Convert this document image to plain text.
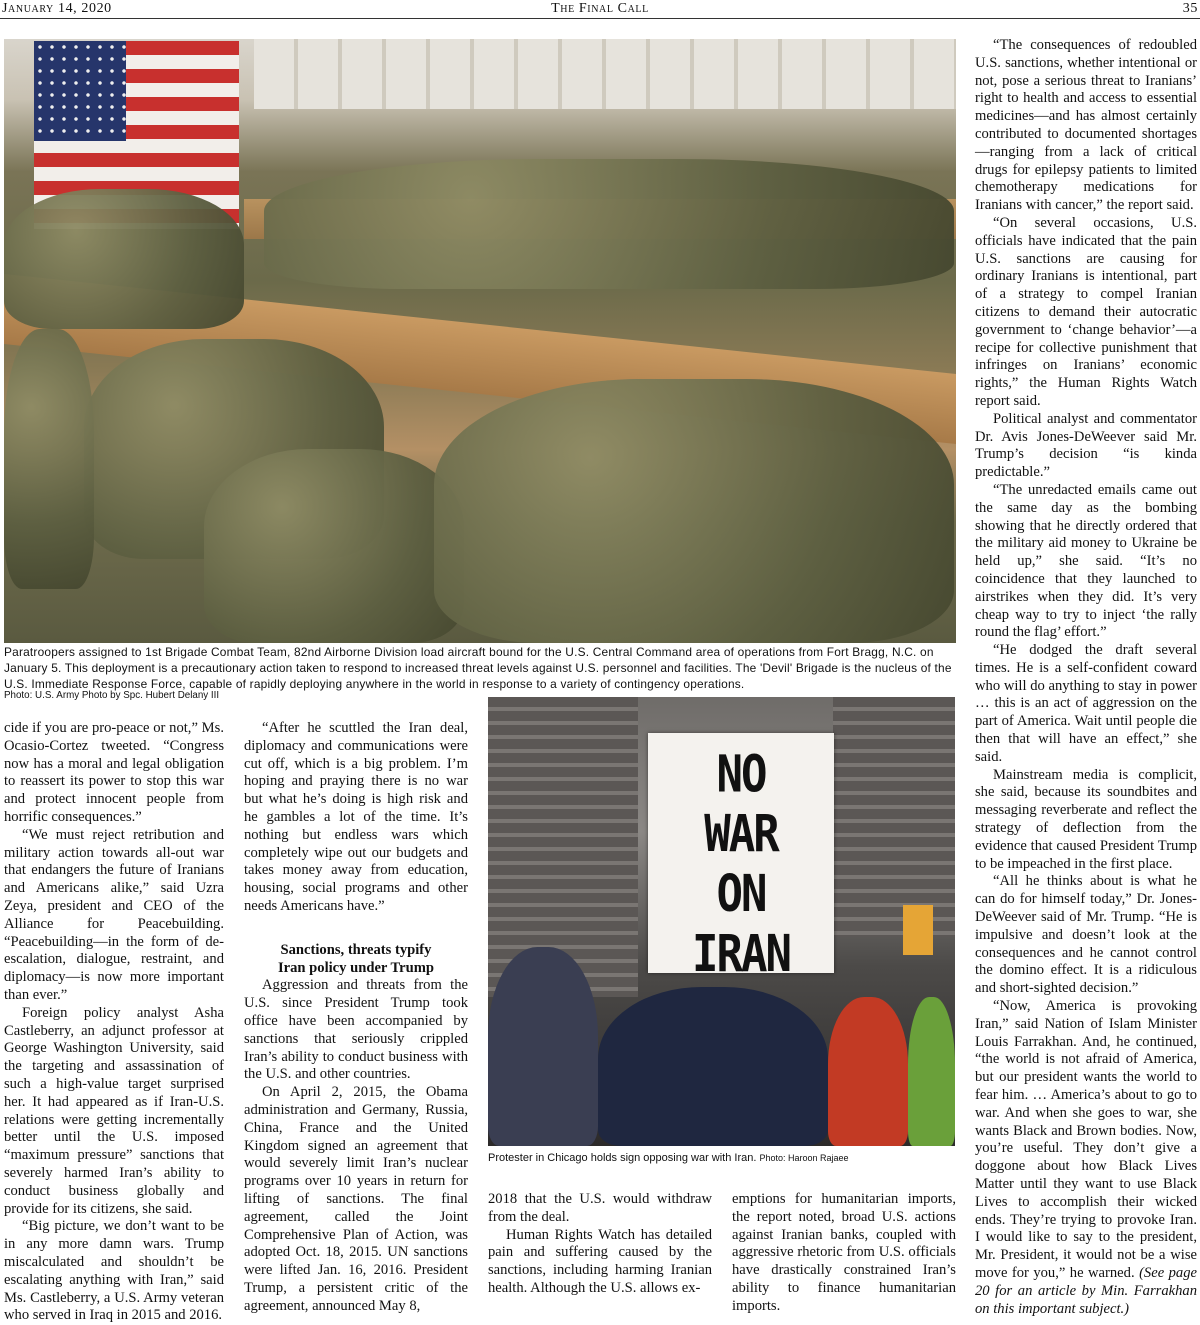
January 14, 2020	The Final Call	35
Paratroopers assigned to 1st Brigade Combat Team, 82nd Airborne Division load aircraft bound for the U.S. Central Command area of operations from Fort Bragg, N.C. on January 5. This deployment is a precautionary action taken to respond to increased threat levels against U.S. personnel and facilities. The 'Devil' Brigade is the nucleus of the U.S. Immediate Response Force, capable of rapidly deploying anywhere in the world in response to a variety of contingency operations.
Photo: U.S. Army Photo by Spc. Hubert Delany III
NO
WAR
ON
IRAN
Protester in Chicago holds sign opposing war with Iran. Photo: Haroon Rajaee

cide if you are pro-peace or not,” Ms. Ocasio-Cortez tweeted. “Congress now has a moral and legal obligation to reassert its power to stop this war and protect innocent people from horrific consequences.”

“We must reject retribution and military action towards all-out war that endangers the future of Iranians and Americans alike,” said Uzra Zeya, president and CEO of the Alliance for Peacebuilding. “Peacebuilding—in the form of de-escalation, dialogue, restraint, and diplomacy—is now more important than ever.”

Foreign policy analyst Asha Castleberry, an adjunct professor at George Washington University, said the targeting and assassination of such a high-value target surprised her. It had appeared as if Iran-U.S. relations were getting incrementally better until the U.S. imposed “maximum pressure” sanctions that severely harmed Iran’s ability to conduct business globally and provide for its citizens, she said.

“Big picture, we don’t want to be in any more damn wars. Trump miscalculated and shouldn’t be escalating anything with Iran,” said Ms. Castleberry, a U.S. Army veteran who served in Iraq in 2015 and 2016.

“After he scuttled the Iran deal, diplomacy and communications were cut off, which is a big problem. I’m hoping and praying there is no war but what he’s doing is high risk and he gambles a lot of the time. It’s nothing but endless wars which completely wipe out our budgets and takes money away from education, housing, social programs and other needs Americans have.”

Sanctions, threats typify

Iran policy under Trump

Aggression and threats from the U.S. since President Trump took office have been accompanied by sanctions that seriously crippled Iran’s ability to conduct business with the U.S. and other countries.

On April 2, 2015, the Obama administration and Germany, Russia, China, France and the United Kingdom signed an agreement that would severely limit Iran’s nuclear programs over 10 years in return for lifting of sanctions. The final agreement, called the Joint Comprehensive Plan of Action, was adopted Oct. 18, 2015. UN sanctions were lifted Jan. 16, 2016. President Trump, a persistent critic of the agreement, announced May 8,

2018 that the U.S. would withdraw from the deal.

Human Rights Watch has detailed pain and suffering caused by the sanctions, including harming Iranian health. Although the U.S. allows ex-

emptions for humanitarian imports, the report noted, broad U.S. actions against Iranian banks, coupled with aggressive rhetoric from U.S. officials have drastically constrained Iran’s ability to finance humanitarian imports.

“The consequences of redoubled U.S. sanctions, whether intentional or not, pose a serious threat to Iranians’ right to health and access to essential medicines—and has almost certainly contributed to documented shortages—ranging from a lack of critical drugs for epilepsy patients to limited chemotherapy medications for Iranians with cancer,” the report said.

“On several occasions, U.S. officials have indicated that the pain U.S. sanctions are causing for ordinary Iranians is intentional, part of a strategy to compel Iranian citizens to demand their autocratic government to ‘change behavior’—a recipe for collective punishment that infringes on Iranians’ economic rights,” the Human Rights Watch report said.

Political analyst and commentator Dr. Avis Jones-DeWeever said Mr. Trump’s decision “is kinda predictable.”

“The unredacted emails came out the same day as the bombing showing that he directly ordered that the military aid money to Ukraine be held up,” she said. “It’s no coincidence that they launched to airstrikes when they did. It’s very cheap way to try to inject ‘the rally round the flag’ effort.”

“He dodged the draft several times. He is a self-confident coward who will do anything to stay in power … this is an act of aggression on the part of America. Wait until people die then that will have an effect,” she said.

Mainstream media is complicit, she said, because its soundbites and messaging reverberate and reflect the strategy of deflection from the evidence that caused President Trump to be impeached in the first place.

“All he thinks about is what he can do for himself today,” Dr. Jones-DeWeever said of Mr. Trump. “He is impulsive and doesn’t look at the consequences and he cannot control the domino effect. It is a ridiculous and short-sighted decision.”

“Now, America is provoking Iran,” said Nation of Islam Minister Louis Farrakhan. And, he continued, “the world is not afraid of America, but our president wants the world to fear him. … America’s about to go to war. And when she goes to war, she wants Black and Brown bodies. Now, you’re useful. They don’t give a doggone about how Black Lives Matter until they want to use Black Lives to accomplish their wicked ends. They’re trying to provoke Iran. I would like to say to the president, Mr. President, it would not be a wise move for you,” he warned. (See page 20 for an article by Min. Farrakhan on this important subject.)
